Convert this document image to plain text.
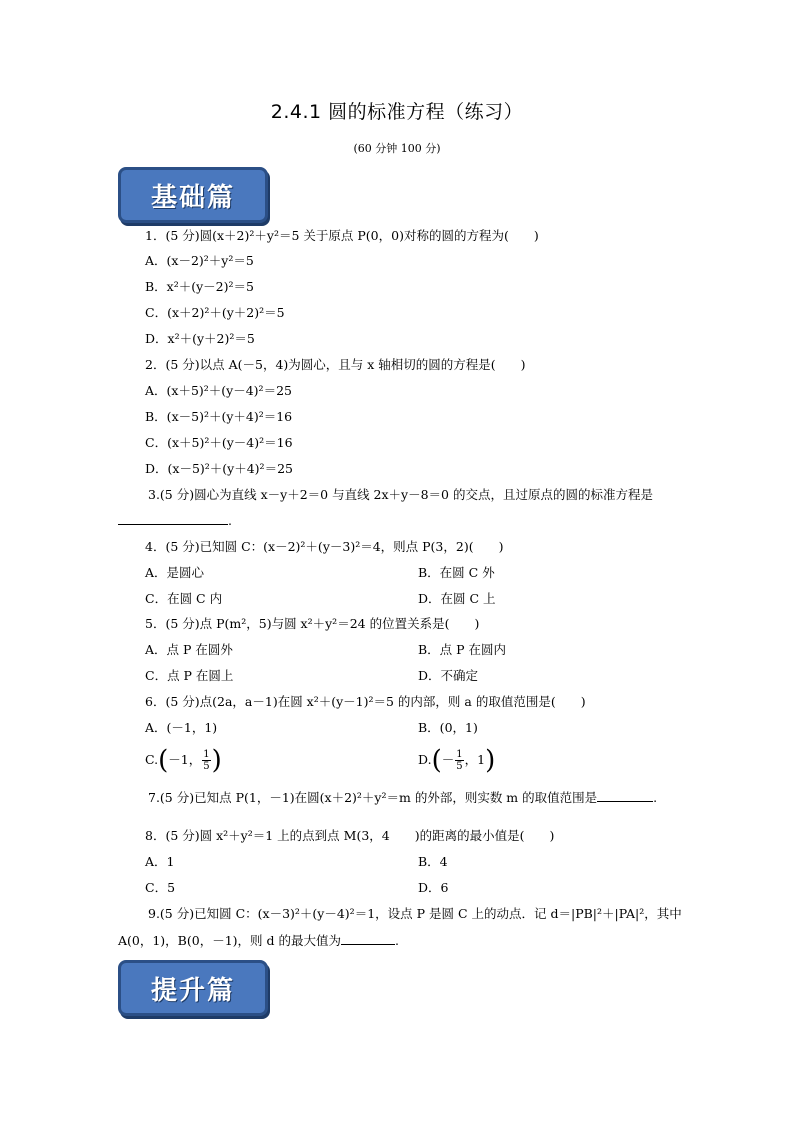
2.4.1 圆的标准方程（练习）
(60 分钟 100 分)
基础篇
1．(5 分)圆(x＋2)²＋y²＝5 关于原点 P(0，0)对称的圆的方程为(　　)
A．(x－2)²＋y²＝5
B．x²＋(y－2)²＝5
C．(x＋2)²＋(y＋2)²＝5
D．x²＋(y＋2)²＝5
2．(5 分)以点 A(－5，4)为圆心，且与 x 轴相切的圆的方程是(　　)
A．(x＋5)²＋(y－4)²＝25
B．(x－5)²＋(y＋4)²＝16
C．(x＋5)²＋(y－4)²＝16
D．(x－5)²＋(y＋4)²＝25
3.(5 分)圆心为直线 x－y＋2＝0 与直线 2x＋y－8＝0 的交点，且过原点的圆的标准方程是
.
4．(5 分)已知圆 C：(x－2)²＋(y－3)²＝4，则点 P(3，2)(　　)
A．是圆心	B．在圆 C 外
C．在圆 C 内	D．在圆 C 上
5．(5 分)点 P(m²，5)与圆 x²＋y²＝24 的位置关系是(　　)
A．点 P 在圆外	B．点 P 在圆内
C．点 P 在圆上	D．不确定
6．(5 分)点(2a，a－1)在圆 x²＋(y－1)²＝5 的内部，则 a 的取值范围是(　　)
A．(－1，1)	B．(0，1)
C.(－1， $\frac{1}{5}$ )	$D.(- \frac{1}{5}$ ，1)
7.(5 分)已知点 P(1，－1)在圆(x＋2)²＋y²＝m 的外部，则实数 m 的取值范围是	.
8．(5 分)圆 x²＋y²＝1 上的点到点 M(3，4　　)的距离的最小值是(　　)
A．1	B．4
C．5	D．6
9.(5 分)已知圆 C：(x－3)²＋(y－4)²＝1，设点 P 是圆 C 上的动点．记 d＝|PB|²＋|PA|²，其中
A(0，1)，B(0，－1)，则 d 的最大值为	.
提升篇
